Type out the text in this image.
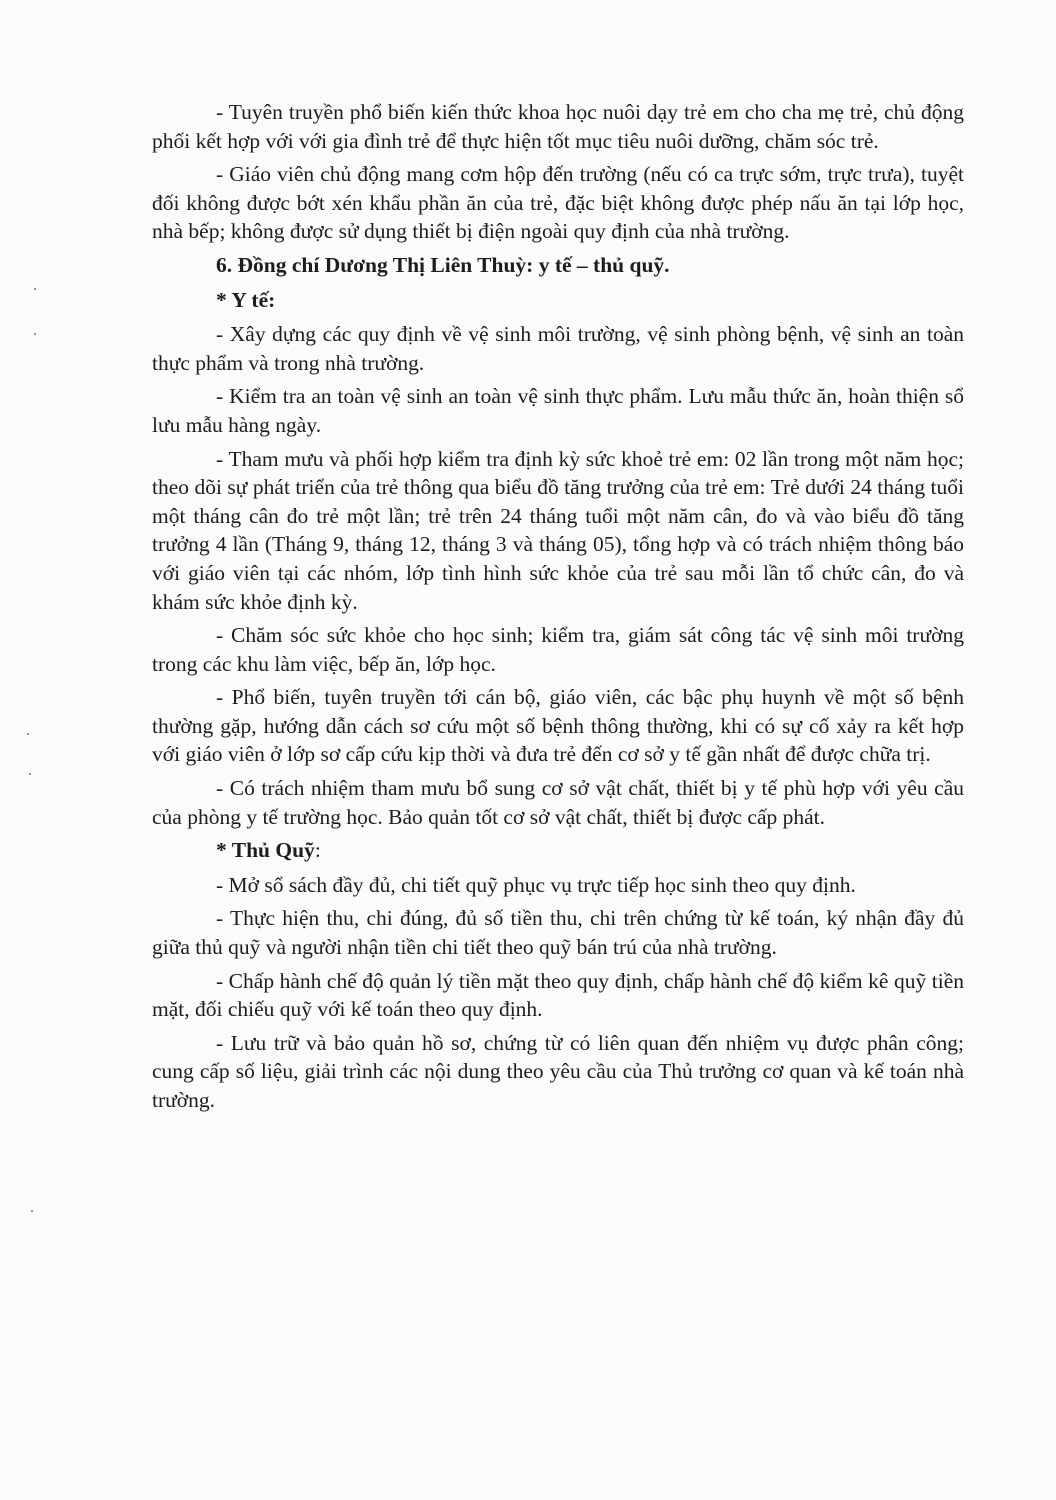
- Tuyên truyền phổ biến kiến thức khoa học nuôi dạy trẻ em cho cha mẹ trẻ, chủ động phối kết hợp với với gia đình trẻ để thực hiện tốt mục tiêu nuôi dưỡng, chăm sóc trẻ.

- Giáo viên chủ động mang cơm hộp đến trường (nếu có ca trực sớm, trực trưa), tuyệt đối không được bớt xén khẩu phần ăn của trẻ, đặc biệt không được phép nấu ăn tại lớp học, nhà bếp; không được sử dụng thiết bị điện ngoài quy định của nhà trường.

6. Đồng chí Dương Thị Liên Thuỳ: y tế – thủ quỹ.

* Y tế:

- Xây dựng các quy định về vệ sinh môi trường, vệ sinh phòng bệnh, vệ sinh an toàn thực phẩm và trong nhà trường.

- Kiểm tra an toàn vệ sinh an toàn vệ sinh thực phẩm. Lưu mẫu thức ăn, hoàn thiện sổ lưu mẫu hàng ngày.

- Tham mưu và phối hợp kiểm tra định kỳ sức khoẻ trẻ em: 02 lần trong một năm học; theo dõi sự phát triển của trẻ thông qua biểu đồ tăng trưởng của trẻ em: Trẻ dưới 24 tháng tuổi một tháng cân đo trẻ một lần; trẻ trên 24 tháng tuổi một năm cân, đo và vào biểu đồ tăng trưởng 4 lần (Tháng 9, tháng 12, tháng 3 và tháng 05), tổng hợp và có trách nhiệm thông báo với giáo viên tại các nhóm, lớp tình hình sức khỏe của trẻ sau mỗi lần tổ chức cân, đo và khám sức khỏe định kỳ.

- Chăm sóc sức khỏe cho học sinh; kiểm tra, giám sát công tác vệ sinh môi trường trong các khu làm việc, bếp ăn, lớp học.

- Phổ biến, tuyên truyền tới cán bộ, giáo viên, các bậc phụ huynh về một số bệnh thường gặp, hướng dẫn cách sơ cứu một số bệnh thông thường, khi có sự cố xảy ra kết hợp với giáo viên ở lớp sơ cấp cứu kịp thời và đưa trẻ đến cơ sở y tế gần nhất để được chữa trị.

- Có trách nhiệm tham mưu bổ sung cơ sở vật chất, thiết bị y tế phù hợp với yêu cầu của phòng y tế trường học. Bảo quản tốt cơ sở vật chất, thiết bị được cấp phát.

* Thủ Quỹ:

- Mở sổ sách đầy đủ, chi tiết quỹ phục vụ trực tiếp học sinh theo quy định.

- Thực hiện thu, chi đúng, đủ số tiền thu, chi trên chứng từ kế toán, ký nhận đầy đủ giữa thủ quỹ và người nhận tiền chi tiết theo quỹ bán trú của nhà trường.

- Chấp hành chế độ quản lý tiền mặt theo quy định, chấp hành chế độ kiểm kê quỹ tiền mặt, đối chiếu quỹ với kế toán theo quy định.

- Lưu trữ và bảo quản hồ sơ, chứng từ có liên quan đến nhiệm vụ được phân công; cung cấp số liệu, giải trình các nội dung theo yêu cầu của Thủ trưởng cơ quan và kế toán nhà trường.
